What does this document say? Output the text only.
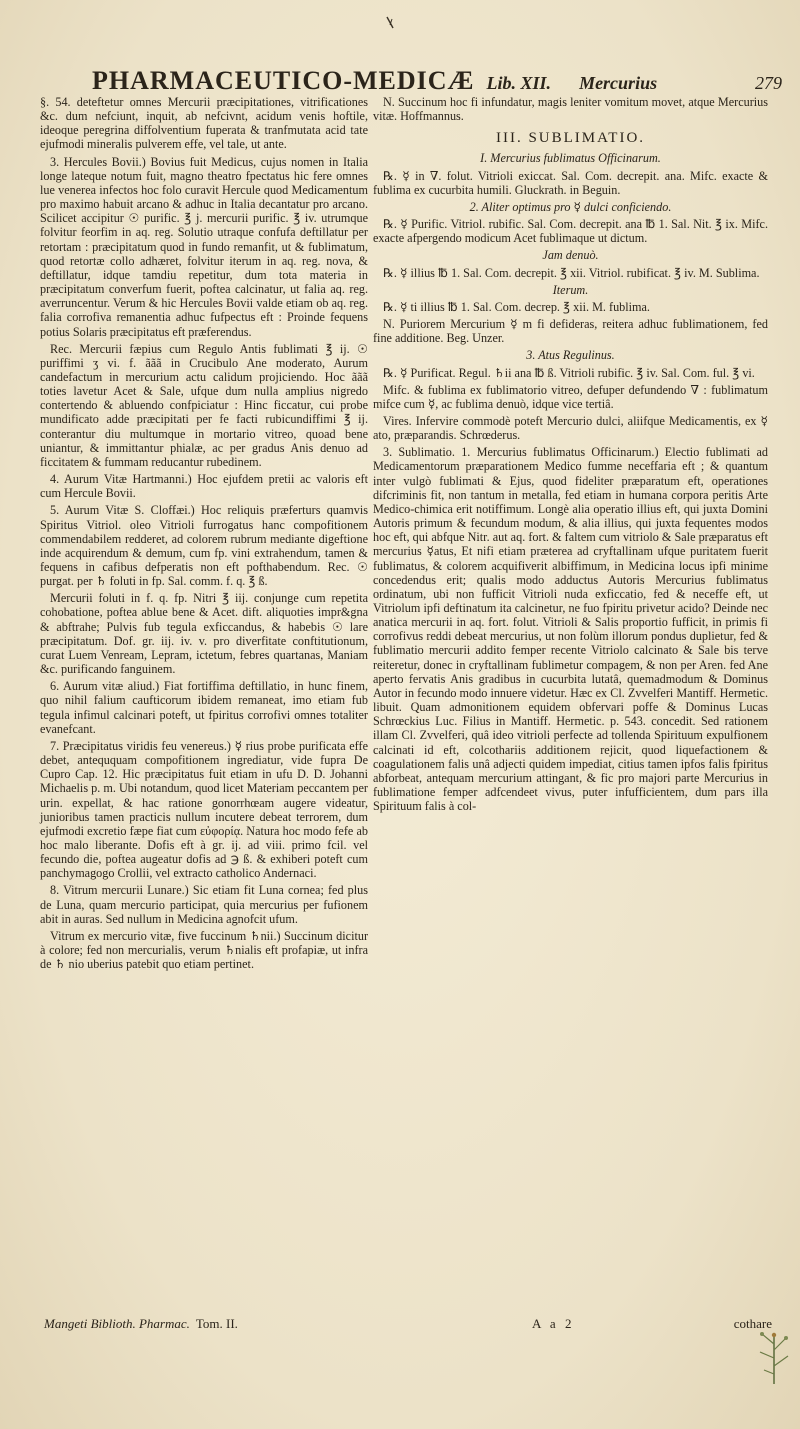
PHARMACEUTICO-MEDICÆ Lib. XII. Mercurius	279

§. 54. deteftetur omnes Mercurii præcipitationes, vitrificationes &c. dum nefciunt, inquit, ab nefcivnt, acidum venis hoftile, ideoque peregrina diffolventium fuperata & tranfmutata acid tate ejufmodi mineralis pulverem effe, vel tale, ut ante.

3. Hercules Bovii.) Bovius fuit Medicus, cujus nomen in Italia longe lateque notum fuit, magno theatro fpectatus hic fere omnes lue venerea infectos hoc folo curavit Hercule quod Medicamentum pro maximo habuit arcano & adhuc in Italia decantatur pro arcano. Scilicet accipitur ☉ purific. ℥ j. mercurii purific. ℥ iv. utrumque folvitur feorfim in aq. reg. Solutio utraque confufa deftillatur per retortam : præcipitatum quod in fundo remanfit, ut & fublimatum, quod retortæ collo adhæret, folvitur iterum in aq. reg. nova, & deftillatur, idque tamdiu repetitur, dum tota materia in præcipitatum converfum fuerit, poftea calcinatur, ut falia aq. reg. averruncentur. Verum & hic Hercules Bovii valde etiam ob aq. reg. falia corrofiva remanentia adhuc fufpectus eft : Proinde fequens potius Solaris præcipitatus eft præferendus.

Rec. Mercurii fæpius cum Regulo Antis fublimati ℥ ij. ☉ puriffimi ʒ vi. f. ããã in Crucibulo Ane moderato, Aurum candefactum in mercurium actu calidum projiciendo. Hoc ããã toties lavetur Acet & Sale, ufque dum nulla amplius nigredo contertendo & abluendo confpiciatur : Hinc ficcatur, cui probe mundificato adde præcipitati per fe facti rubicundiffimi ℥ ij. conterantur diu multumque in mortario vitreo, quoad bene uniantur, & immittantur phialæ, ac per gradus Anis denuo ad ficcitatem & fummam reducantur rubedinem.

4. Aurum Vitæ Hartmanni.) Hoc ejufdem pretii ac valoris eft cum Hercule Bovii.

5. Aurum Vitæ S. Cloffæi.) Hoc reliquis præferturs quamvis Spiritus Vitriol. oleo Vitrioli furrogatus hanc compofitionem commendabilem redderet, ad colorem rubrum mediante digeftione inde acquirendum & demum, cum fp. vini extrahendum, tamen & fequens in cafibus defperatis non eft pofthabendum. Rec. ☉ purgat. per ♄ foluti in fp. Sal. comm. f. q. ℥ ß.

Mercurii foluti in f. q. fp. Nitri ℥ iij. conjunge cum repetita cohobatione, poftea ablue bene & Acet. dift. aliquoties impr&gna & abftrahe; Pulvis fub tegula exficcandus, & habebis ☉ lare præcipitatum. Dof. gr. iij. iv. v. pro diverfitate conftitutionum, curat Luem Venream, Lepram, ictetum, febres quartanas, Maniam &c. purificando fanguinem.

6. Aurum vitæ aliud.) Fiat fortiffima deftillatio, in hunc finem, quo nihil falium caufticorum ibidem remaneat, imo etiam fub tegula infimul calcinari poteft, ut fpiritus corrofivi omnes totaliter evanefcant.

7. Præcipitatus viridis feu venereus.) ☿ rius probe purificata effe debet, anteququam compofitionem ingrediatur, vide fupra De Cupro Cap. 12. Hic præcipitatus fuit etiam in ufu D. D. Johanni Michaelis p. m. Ubi notandum, quod licet Materiam peccantem per urin. expellat, & hac ratione gonorrhœam augere videatur, junioribus tamen practicis nullum incutere debeat terrorem, dum ejufmodi excretio fæpe fiat cum εὐφορίᾳ. Natura hoc modo fefe ab hoc malo liberante. Dofis eft à gr. ij. ad viii. primo fcil. vel fecundo die, poftea augeatur dofis ad ℈ ß. & exhiberi poteft cum panchymagogo Crollii, vel extracto catholico Andernaci.

8. Vitrum mercurii Lunare.) Sic etiam fit Luna cornea; fed plus de Luna, quam mercurio participat, quia mercurius per fufionem abit in auras. Sed nullum in Medicina agnofcit ufum.

Vitrum ex mercurio vitæ, five fuccinum ♄nii.) Succinum dicitur à colore; fed non mercurialis, verum ♄nialis eft profapiæ, ut infra de ♄ nio uberius patebit quo etiam pertinet.

N. Succinum hoc fi infundatur, magis leniter vomitum movet, atque Mercurius vitæ. Hoffmannus.

III. SUBLIMATIO.

I. Mercurius fublimatus Officinarum.

℞. ☿ in ∇. folut. Vitrioli exiccat. Sal. Com. decrepit. ana. Mifc. exacte & fublima ex cucurbita humili. Gluckrath. in Beguin.

2. Aliter optimus pro ☿ dulci conficiendo.

℞. ☿ Purific. Vitriol. rubific. Sal. Com. decrepit. ana ℔ 1. Sal. Nit. ℥ ix. Mifc. exacte afpergendo modicum Acet fublimaque ut dictum.

Jam denuò.

℞. ☿ illius ℔ 1. Sal. Com. decrepit. ℥ xii. Vitriol. rubificat. ℥ iv. M. Sublima.

Iterum.

℞. ☿ ti illius ℔ 1. Sal. Com. decrep. ℥ xii. M. fublima.

N. Puriorem Mercurium ☿ m fi defideras, reitera adhuc fublimationem, fed fine additione. Beg. Unzer.

3. Atus Regulinus.

℞. ☿ Purificat. Regul. ♄ii ana ℔ ß. Vitrioli rubific. ℥ iv. Sal. Com. ful. ℥ vi.

Mifc. & fublima ex fublimatorio vitreo, defuper defundendo ∇ : fublimatum mifce cum ☿, ac fublima denuò, idque vice tertiâ.

Vires. Infervire commodè poteft Mercurio dulci, aliifque Medicamentis, ex ☿ ato, præparandis. Schrœderus.

3. Sublimatio. 1. Mercurius fublimatus Officinarum.) Electio fublimati ad Medicamentorum præparationem Medico fumme neceffaria eft ; & quantum inter vulgò fublimati & Ejus, quod fideliter præparatum eft, operationes difcriminis fit, non tantum in metalla, fed etiam in humana corpora peritis Arte Medico-chimica erit notiffimum. Longè alia operatio illius eft, qui juxta Domini Autoris primum & fecundum modum, & alia illius, qui juxta fequentes modos hoc eft, qui abfque Nitr. aut aq. fort. & faltem cum vitriolo & Sale præparatus eft mercurius ☿atus, Et nifi etiam præterea ad cryftallinam ufque puritatem fuerit fublimatus, & colorem acquifiverit albiffimum, in Medicina locus ipfi minime concedendus erit; qualis modo adductus Autoris Mercurius fublimatus ordinatum, ubi non fufficit Vitrioli nuda exficcatio, fed & neceffe eft, ut Vitriolum ipfi deftinatum ita calcinetur, ne fuo fpiritu privetur acido? Deinde nec anatica mercurii in aq. fort. folut. Vitrioli & Salis proportio fufficit, in primis fi corrofivus reddi debeat mercurius, ut non folùm illorum pondus duplietur, fed & fublimatio mercurii addito femper recente Vitriolo calcinato & Sale bis terve reiteretur, donec in cryftallinam fublimetur compagem, & non per Aren. fed Ane aperto fervatis Anis gradibus in cucurbita lutatâ, quemadmodum & Dominus Autor in fecundo modo innuere videtur. Hæc ex Cl. Zvvelferi Mantiff. Hermetic. libuit. Quam admonitionem equidem obfervari poffe & Dominus Lucas Schrœckius Luc. Filius in Mantiff. Hermetic. p. 543. concedit. Sed rationem illam Cl. Zvvelferi, quâ ideo vitrioli perfecte ad tollenda Spirituum expulfionem calcinati id eft, colcothariis additionem rejicit, quod liquefactionem & coagulationem falis unâ adjecti quidem impediat, citius tamen ipfos falis fpiritus abforbeat, antequam mercurium attingant, & fic pro majori parte Mercurius in fublimatione femper adfcendeet vivus, puter infufficientem, dum pars illa Spirituum falis à col-

Mangeti Biblioth. Pharmac. Tom. II.	A a 2	cothare
